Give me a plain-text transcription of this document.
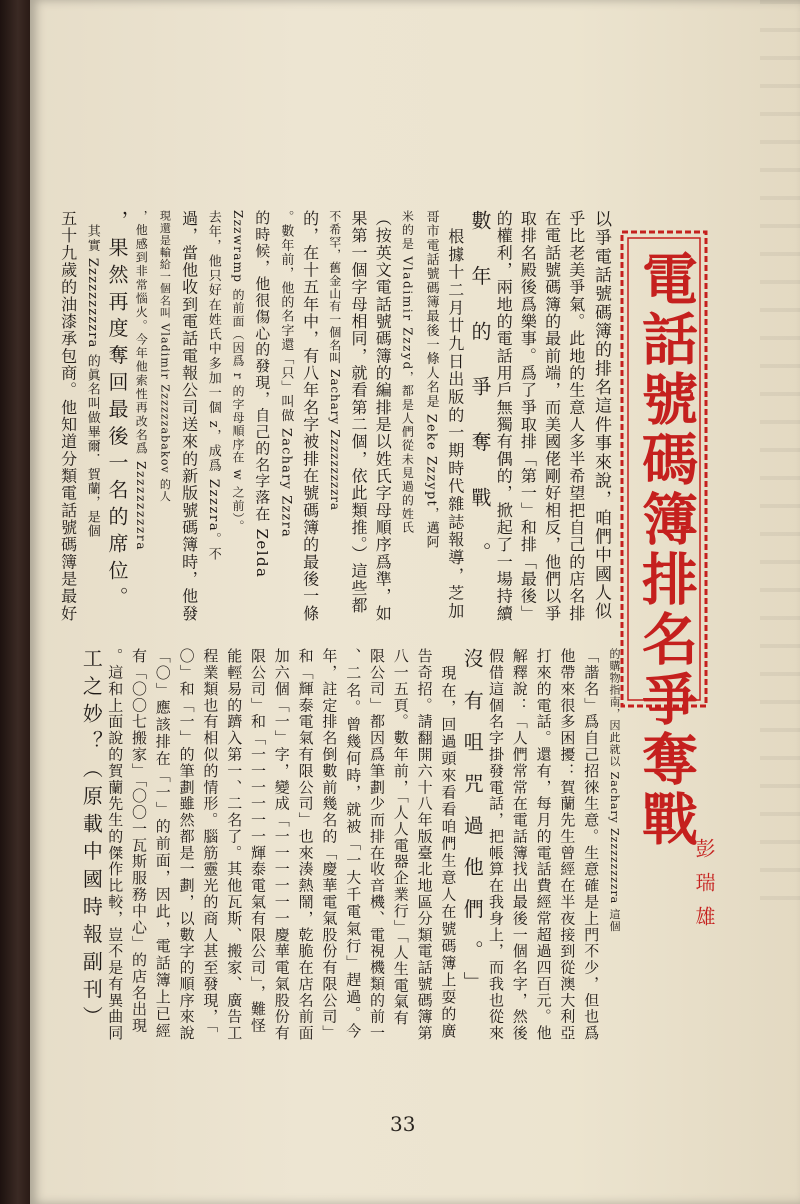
以爭電話號碼簿的排名這件事來說，咱們中國人似
乎比老美爭氣。此地的生意人多半希望把自己的店名排
在電話號碼簿的最前端，而美國佬剛好相反，他們以爭
取排名殿後爲樂事。爲了爭取排「第一」和排「最後」
的權利，兩地的電話用戶無獨有偶的，掀起了一場持續
數年的爭奪戰。
　根據十二月廿九日出版的一期時代雜誌報導，芝加
哥市電話號碼簿最後一條人名是 Zeke Zzzypt，邁阿
米的是 Vladimir Zzzyd，都是人們從未見過的姓氏
（按英文電話號碼簿的編排是以姓氏字母順序爲準，如
果第一個字母相同，就看第二個，依此類推。）這些都
不希罕，舊金山有一個名叫 Zachary Zzzzzzzzzra
的，在十五年中，有八年名字被排在號碼簿的最後一條
。數年前，他的名字還「只」叫做 Zachary Zzzra
的時候，他很傷心的發現，自己的名字落在 Zelda
Zzzwramp 的前面（因爲 r 的字母順序在 w 之前）。
去年，他只好在姓氏中多加一個 z，成爲 Zzzzra。不
過，當他收到電話電報公司送來的新版號碼簿時，他發
現還是輸給一個名叫 Vladimir Zzzzzzabakov 的人
，他感到非常惱火。今年他索性再改名爲 Zzzzzzzzzra
，果然再度奪回最後一名的席位。
　其實 Zzzzzzzzzra 的眞名叫做畢爾．賀蘭，是個
五十九歲的油漆承包商。他知道分類電話號碼簿是最好
的購物指南，因此就以 Zachary Zzzzzzzzzra 這個
「諧名」爲自己招徠生意。生意確是上門不少，但也爲
他帶來很多困擾：賀蘭先生曾經在半夜接到從澳大利亞
打來的電話。還有，每月的電話費經常超過四百元。他
解釋說：「人們常常在電話簿找出最後一個名字，然後
假借這個名字掛發電話，把帳算在我身上，而我也從來
沒有咀咒過他們。」
　現在，回過頭來看看咱們生意人在號碼簿上耍的廣
告奇招。請翻開六十八年版臺北地區分類電話號碼簿第
八一五頁。數年前，「人人電器企業行」「人生電氣有
限公司」都因爲筆劃少而排在收音機、電視機類的前一
、二名。曾幾何時，就被「一大千電氣行」趕過。今
年，註定排名倒數前幾名的「慶華電氣股份有限公司」
和「輝泰電氣有限公司」也來湊熱鬧，乾脆在店名前面
加六個「一」字，變成「一一一一一一慶華電氣股份有
限公司」和「一一一一一一輝泰電氣有限公司」，難怪
能輕易的躋入第一、二名了。其他瓦斯、搬家、廣告工
程業類也有相似的情形。腦筋靈光的商人甚至發現，「
〇」和「一」的筆劃雖然都是一劃，以數字的順序來說
「〇」應該排在「一」的前面，因此，電話簿上已經
有「〇〇七搬家」「〇〇一瓦斯服務中心」的店名出現
。這和上面說的賀蘭先生的傑作比較，豈不是有異曲同
工之妙？（原載中國時報副刊）	電話號碼簿排名爭奪戰
彭瑞雄
33
